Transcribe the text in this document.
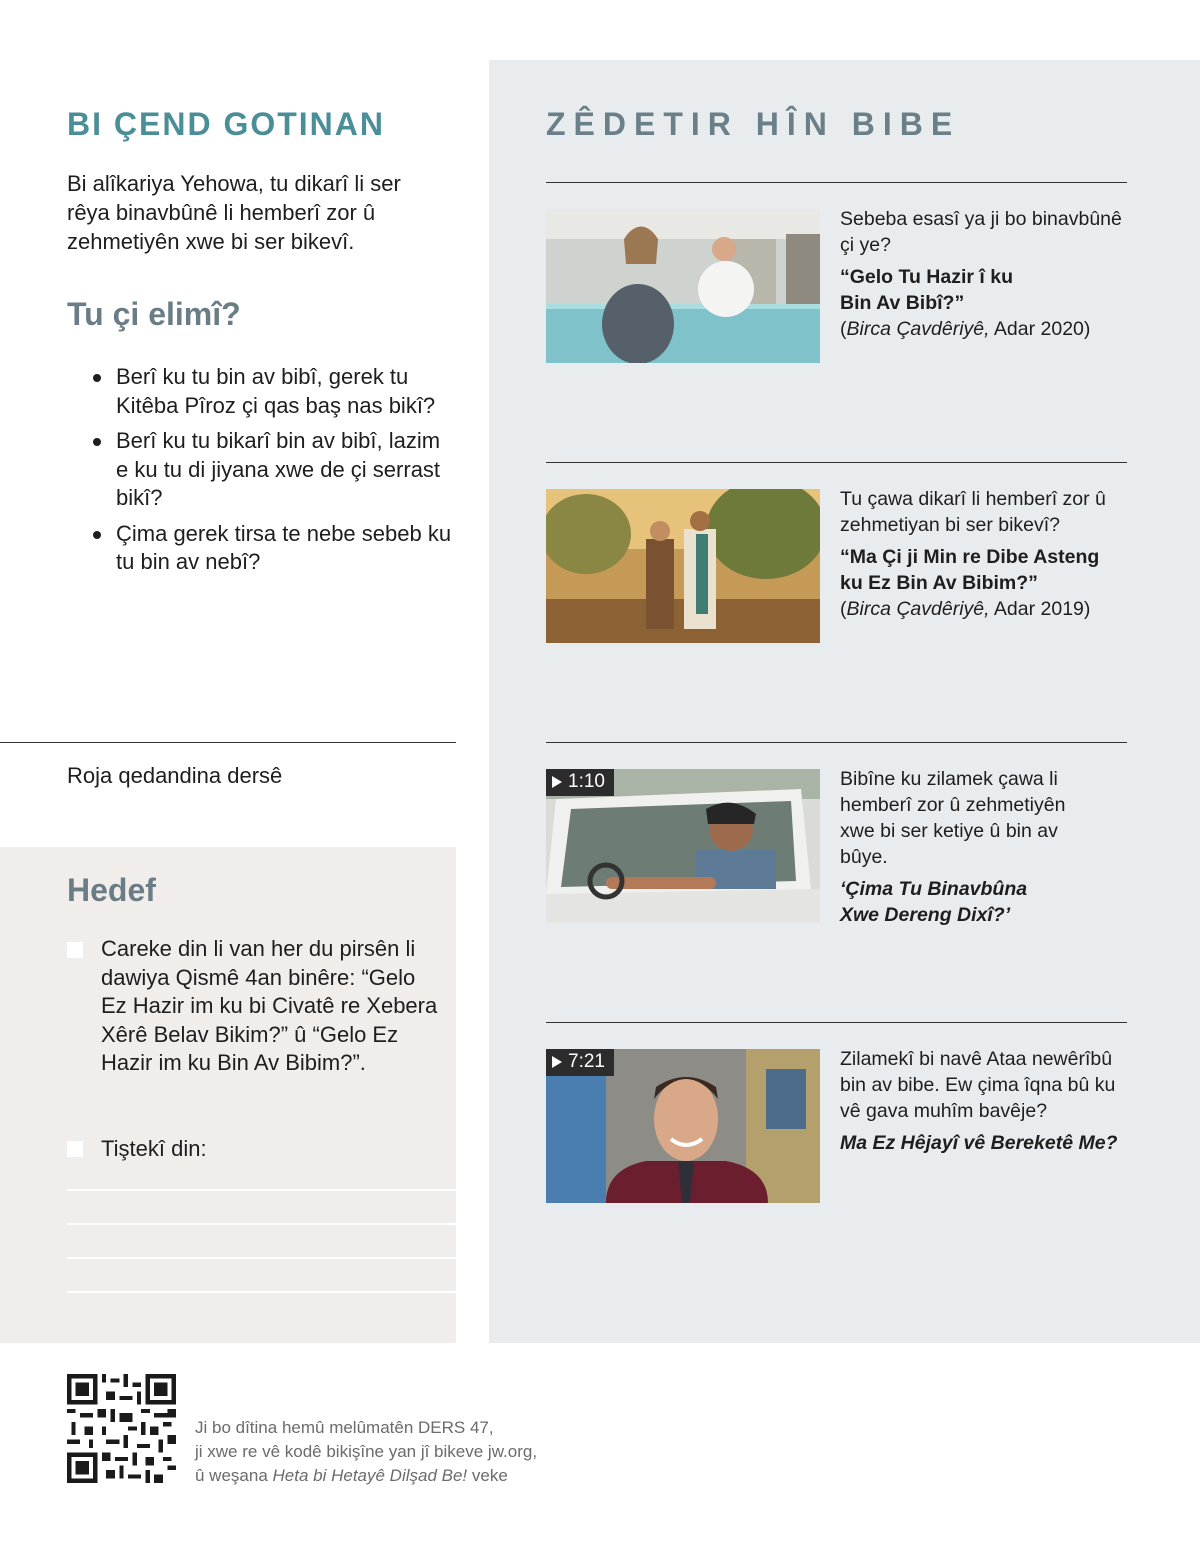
BI ÇEND GOTINAN
Bi alîkariya Yehowa, tu dikarî li ser rêya binavbûnê li hemberî zor û zehmetiyên xwe bi ser bikevî.
Tu çi elimî?
Berî ku tu bin av bibî, gerek tu Kitêba Pîroz çi qas baş nas bikî?
Berî ku tu bikarî bin av bibî, lazim e ku tu di jiyana xwe de çi serrast bikî?
Çima gerek tirsa te nebe sebeb ku tu bin av nebî?
Roja qedandina dersê
Hedef
Careke din li van her du pirsên li dawiya Qismê 4an binêre: “Gelo Ez Hazir im ku bi Civatê re Xebera Xêrê Belav Bikim?” û “Gelo Ez Hazir im ku Bin Av Bibim?”.
Tiştekî din:
ZÊDETIR HÎN BIBE
Sebeba esasî ya ji bo binavbûnê çi ye?
“Gelo Tu Hazir î ku Bin Av Bibî?”
(Birca Çavdêriyê, Adar 2020)
Tu çawa dikarî li hemberî zor û zehmetiyan bi ser bikevî?
“Ma Çi ji Min re Dibe Asteng ku Ez Bin Av Bibim?”
(Birca Çavdêriyê, Adar 2019)
1:10	Bibîne ku zilamek çawa li hemberî zor û zehmetiyên xwe bi ser ketiye û bin av bûye.
‘Çima Tu Binavbûna Xwe Dereng Dixî?’
7:21	Zilamekî bi navê Ataa newêrîbû bin av bibe. Ew çima îqna bû ku vê gava muhîm bavêje?
Ma Ez Hêjayî vê Bereketê Me?
Ji bo dîtina hemû melûmatên DERS 47,
ji xwe re vê kodê bikişîne yan jî bikeve jw.org,
û weşana Heta bi Hetayê Dilşad Be! veke
